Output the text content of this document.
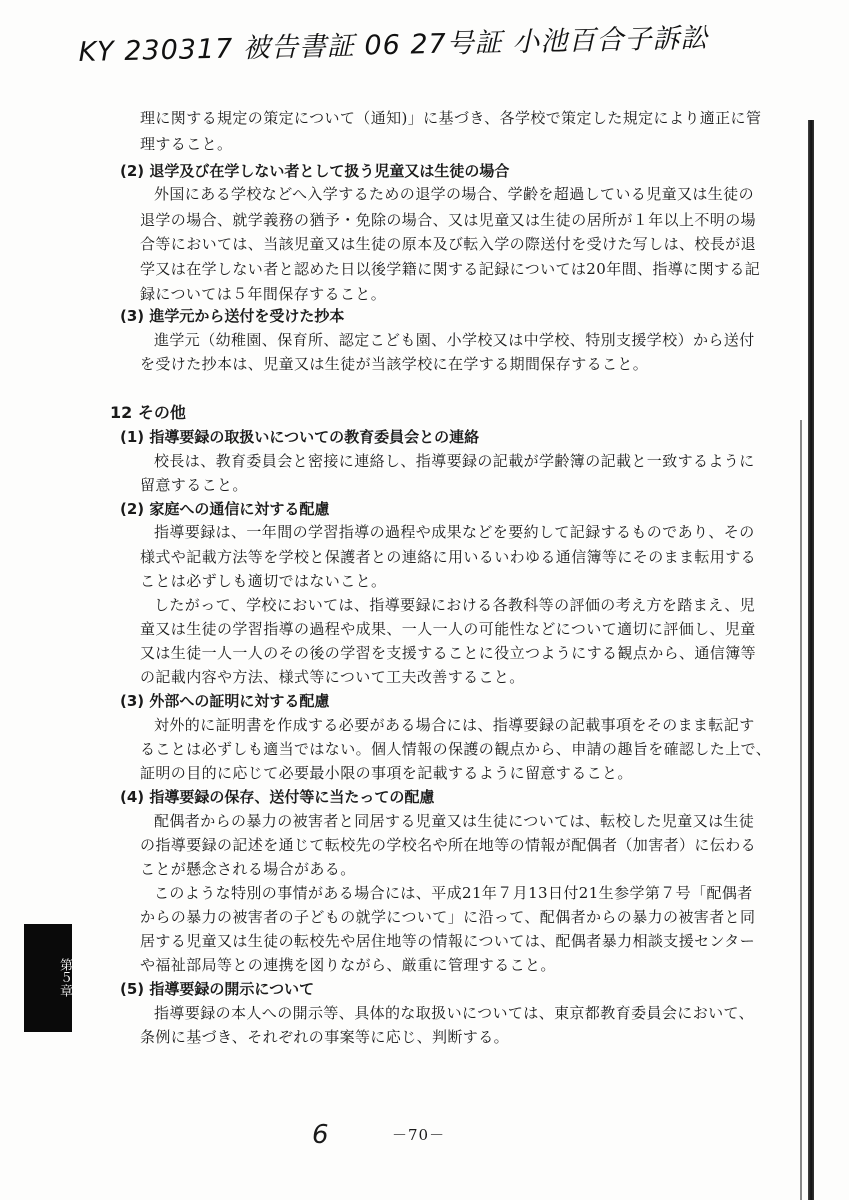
KY 230317 被告書証 06 27号証 小池百合子訴訟
理に関する規定の策定について（通知)」に基づき、各学校で策定した規定により適正に管
理すること。
(2) 退学及び在学しない者として扱う児童又は生徒の場合
外国にある学校などへ入学するための退学の場合、学齢を超過している児童又は生徒の
退学の場合、就学義務の猶予・免除の場合、又は児童又は生徒の居所が１年以上不明の場
合等においては、当該児童又は生徒の原本及び転入学の際送付を受けた写しは、校長が退
学又は在学しない者と認めた日以後学籍に関する記録については20年間、指導に関する記
録については５年間保存すること。
(3) 進学元から送付を受けた抄本
進学元（幼稚園、保育所、認定こども園、小学校又は中学校、特別支援学校）から送付
を受けた抄本は、児童又は生徒が当該学校に在学する期間保存すること。
12 その他
(1) 指導要録の取扱いについての教育委員会との連絡
校長は、教育委員会と密接に連絡し、指導要録の記載が学齢簿の記載と一致するように
留意すること。
(2) 家庭への通信に対する配慮
指導要録は、一年間の学習指導の過程や成果などを要約して記録するものであり、その
様式や記載方法等を学校と保護者との連絡に用いるいわゆる通信簿等にそのまま転用する
ことは必ずしも適切ではないこと。
したがって、学校においては、指導要録における各教科等の評価の考え方を踏まえ、児
童又は生徒の学習指導の過程や成果、一人一人の可能性などについて適切に評価し、児童
又は生徒一人一人のその後の学習を支援することに役立つようにする観点から、通信簿等
の記載内容や方法、様式等について工夫改善すること。
(3) 外部への証明に対する配慮
対外的に証明書を作成する必要がある場合には、指導要録の記載事項をそのまま転記す
ることは必ずしも適当ではない。個人情報の保護の観点から、申請の趣旨を確認した上で、
証明の目的に応じて必要最小限の事項を記載するように留意すること。
(4) 指導要録の保存、送付等に当たっての配慮
配偶者からの暴力の被害者と同居する児童又は生徒については、転校した児童又は生徒
の指導要録の記述を通じて転校先の学校名や所在地等の情報が配偶者（加害者）に伝わる
ことが懸念される場合がある。
このような特別の事情がある場合には、平成21年７月13日付21生参学第７号「配偶者
からの暴力の被害者の子どもの就学について」に沿って、配偶者からの暴力の被害者と同
居する児童又は生徒の転校先や居住地等の情報については、配偶者暴力相談支援センター
や福祉部局等との連携を図りながら、厳重に管理すること。
(5) 指導要録の開示について
指導要録の本人への開示等、具体的な取扱いについては、東京都教育委員会において、
条例に基づき、それぞれの事案等に応じ、判断する。
第５章
6	－70－
